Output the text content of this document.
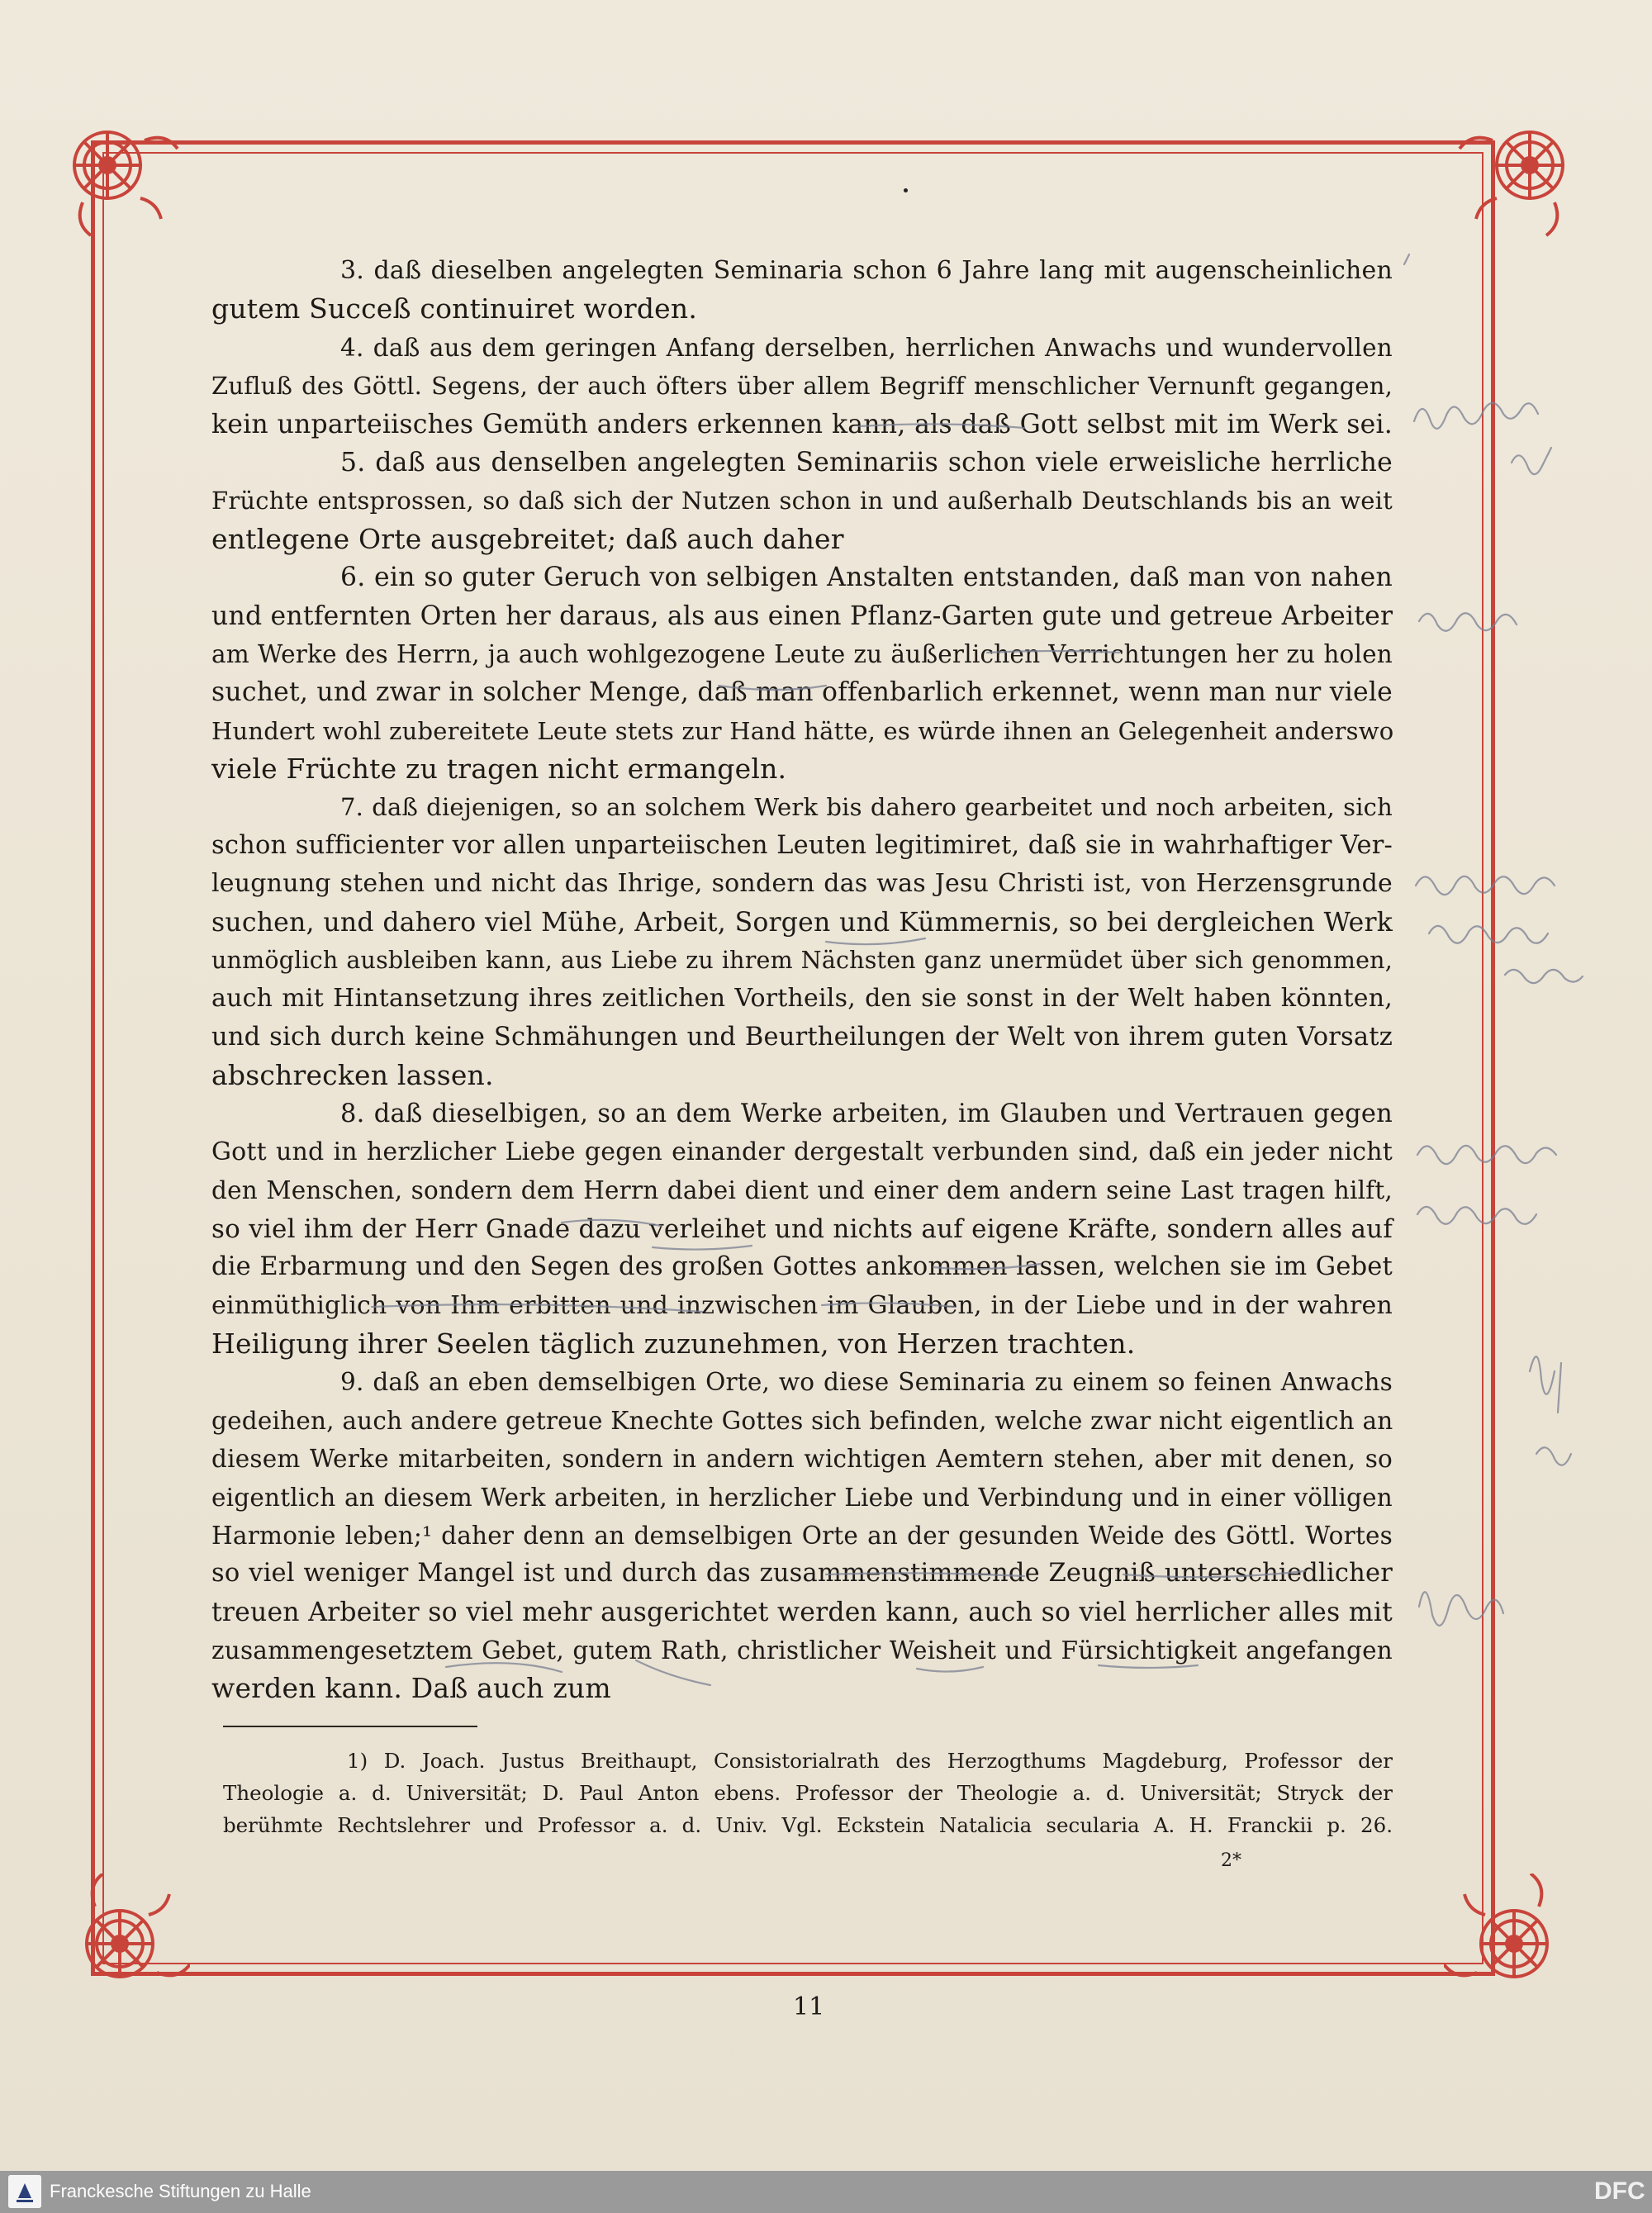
3. daß dieselben angelegten Seminaria schon 6 Jahre lang mit augenscheinlichen
gutem Succeß continuiret worden.
4. daß aus dem geringen Anfang derselben, herrlichen Anwachs und wundervollen
Zufluß des Göttl. Segens, der auch öfters über allem Begriff menschlicher Vernunft gegangen,
kein unparteiisches Gemüth anders erkennen kann, als daß Gott selbst mit im Werk sei.
5. daß aus denselben angelegten Seminariis schon viele erweisliche herrliche
Früchte entsprossen, so daß sich der Nutzen schon in und außerhalb Deutschlands bis an weit
entlegene Orte ausgebreitet; daß auch daher
6. ein so guter Geruch von selbigen Anstalten entstanden, daß man von nahen
und entfernten Orten her daraus, als aus einen Pflanz-Garten gute und getreue Arbeiter
am Werke des Herrn, ja auch wohlgezogene Leute zu äußerlichen Verrichtungen her zu holen
suchet, und zwar in solcher Menge, daß man offenbarlich erkennet, wenn man nur viele
Hundert wohl zubereitete Leute stets zur Hand hätte, es würde ihnen an Gelegenheit anderswo
viele Früchte zu tragen nicht ermangeln.
7. daß diejenigen, so an solchem Werk bis dahero gearbeitet und noch arbeiten, sich
schon sufficienter vor allen unparteiischen Leuten legitimiret, daß sie in wahrhaftiger Ver-
leugnung stehen und nicht das Ihrige, sondern das was Jesu Christi ist, von Herzensgrunde
suchen, und dahero viel Mühe, Arbeit, Sorgen und Kümmernis, so bei dergleichen Werk
unmöglich ausbleiben kann, aus Liebe zu ihrem Nächsten ganz unermüdet über sich genommen,
auch mit Hintansetzung ihres zeitlichen Vortheils, den sie sonst in der Welt haben könnten,
und sich durch keine Schmähungen und Beurtheilungen der Welt von ihrem guten Vorsatz
abschrecken lassen.
8. daß dieselbigen, so an dem Werke arbeiten, im Glauben und Vertrauen gegen
Gott und in herzlicher Liebe gegen einander dergestalt verbunden sind, daß ein jeder nicht
den Menschen, sondern dem Herrn dabei dient und einer dem andern seine Last tragen hilft,
so viel ihm der Herr Gnade dazu verleihet und nichts auf eigene Kräfte, sondern alles auf
die Erbarmung und den Segen des großen Gottes ankommen lassen, welchen sie im Gebet
einmüthiglich von Ihm erbitten und inzwischen im Glauben, in der Liebe und in der wahren
Heiligung ihrer Seelen täglich zuzunehmen, von Herzen trachten.
9. daß an eben demselbigen Orte, wo diese Seminaria zu einem so feinen Anwachs
gedeihen, auch andere getreue Knechte Gottes sich befinden, welche zwar nicht eigentlich an
diesem Werke mitarbeiten, sondern in andern wichtigen Aemtern stehen, aber mit denen, so
eigentlich an diesem Werk arbeiten, in herzlicher Liebe und Verbindung und in einer völligen
Harmonie leben;¹ daher denn an demselbigen Orte an der gesunden Weide des Göttl. Wortes
so viel weniger Mangel ist und durch das zusammenstimmende Zeugniß unterschiedlicher
treuen Arbeiter so viel mehr ausgerichtet werden kann, auch so viel herrlicher alles mit
zusammengesetztem Gebet, gutem Rath, christlicher Weisheit und Fürsichtigkeit angefangen
werden kann. Daß auch zum
1) D. Joach. Justus Breithaupt, Consistorialrath des Herzogthums Magdeburg, Professor der
Theologie a. d. Universität; D. Paul Anton ebens. Professor der Theologie a. d. Universität; Stryck der
berühmte Rechtslehrer und Professor a. d. Univ. Vgl. Eckstein Natalicia secularia A. H. Franckii p. 26.
2*
11
Franckesche Stiftungen zu Halle	DFC
